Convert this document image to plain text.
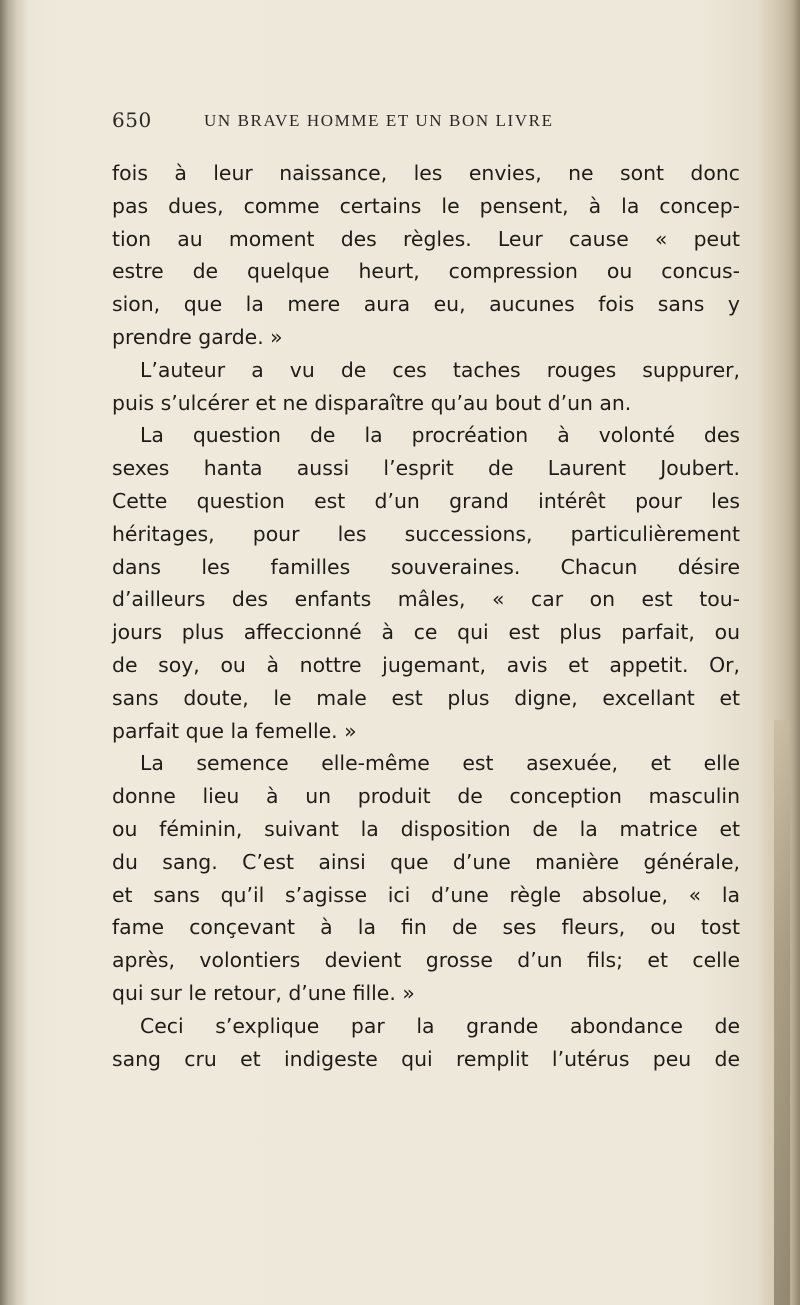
650	UN BRAVE HOMME ET UN BON LIVRE
fois à leur naissance, les envies, ne sont donc
pas dues, comme certains le pensent, à la concep-
tion au moment des règles. Leur cause « peut
estre de quelque heurt, compression ou concus-
sion, que la mere aura eu, aucunes fois sans y
prendre garde. »
L’auteur a vu de ces taches rouges suppurer,
puis s’ulcérer et ne disparaître qu’au bout d’un an.
La question de la procréation à volonté des
sexes hanta aussi l’esprit de Laurent Joubert.
Cette question est d’un grand intérêt pour les
héritages, pour les successions, particulièrement
dans les familles souveraines. Chacun désire
d’ailleurs des enfants mâles, « car on est tou-
jours plus affeccionné à ce qui est plus parfait, ou
de soy, ou à nottre jugemant, avis et appetit. Or,
sans doute, le male est plus digne, excellant et
parfait que la femelle. »
La semence elle-même est asexuée, et elle
donne lieu à un produit de conception masculin
ou féminin, suivant la disposition de la matrice et
du sang. C’est ainsi que d’une manière générale,
et sans qu’il s’agisse ici d’une règle absolue, « la
fame conçevant à la fin de ses fleurs, ou tost
après, volontiers devient grosse d’un fils; et celle
qui sur le retour, d’une fille. »
Ceci s’explique par la grande abondance de
sang cru et indigeste qui remplit l’utérus peu de
